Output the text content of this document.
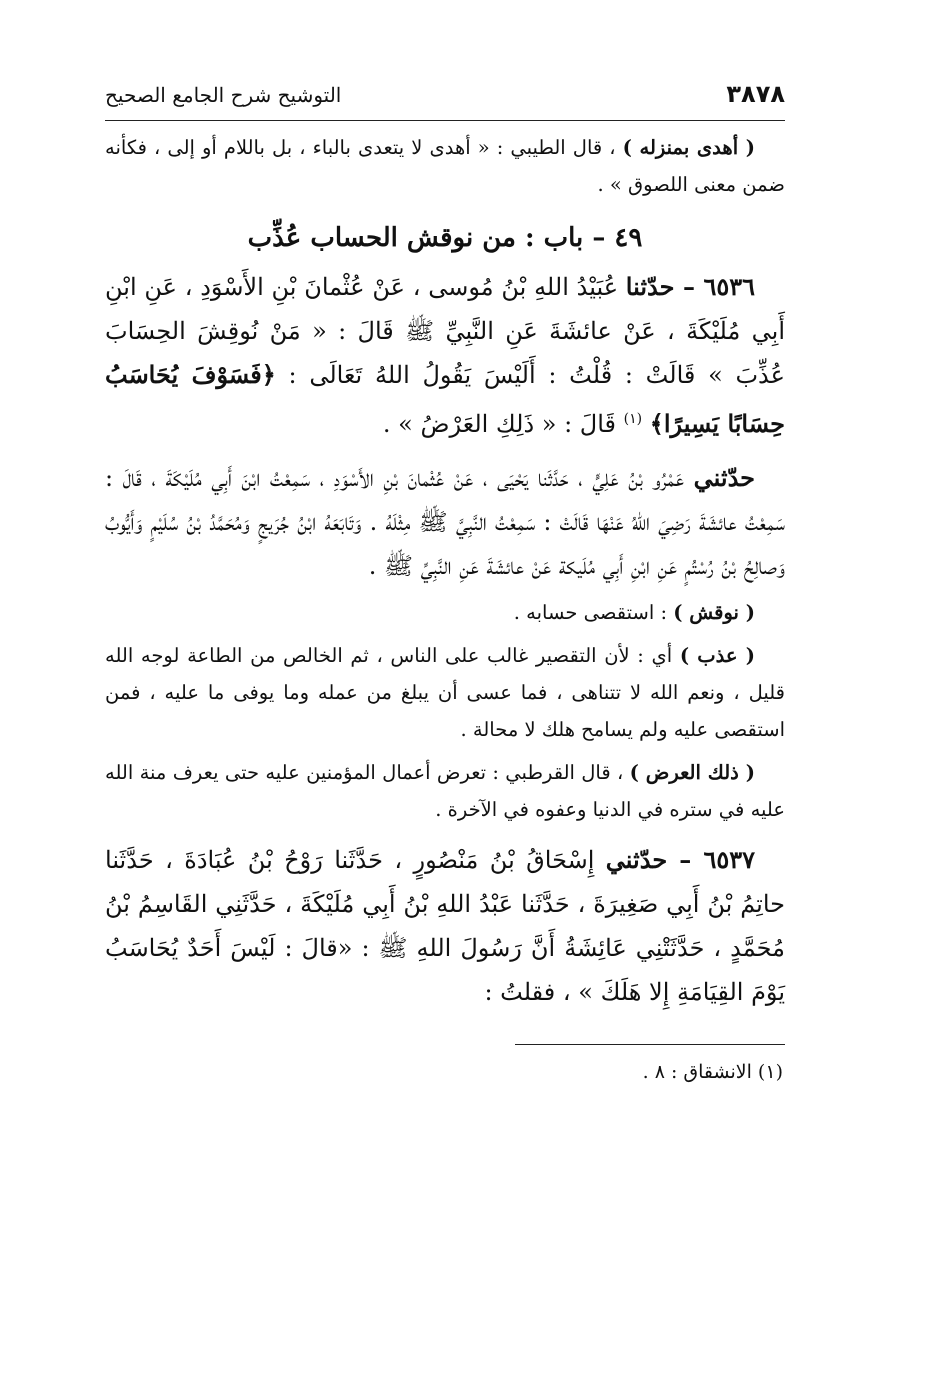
٣٨٧٨
التوشيح شرح الجامع الصحيح

( أهدى بمنزله ) ، قال الطيبي : « أهدى لا يتعدى بالباء ، بل باللام أو إلى ، فكأنه ضمن معنى اللصوق » .

٤٩ – باب : من نوقش الحساب عُذِّب

٦٥٣٦ – حدّثنا عُبَيْدُ اللهِ بْنُ مُوسى ، عَنْ عُثْمانَ بْنِ الأَسْوَدِ ، عَنِ ابْنِ أَبِي مُلَيْكَةَ ، عَنْ عائشَةَ عَنِ النَّبِيِّ ﷺ قَالَ : « مَنْ نُوقِشَ الحِسَابَ عُذِّبَ » قَالَتْ : قُلْتُ : أَلَيْسَ يَقُولُ اللهُ تَعَالَى : ﴿فَسَوْفَ يُحَاسَبُ حِسَابًا يَسِيرًا﴾ $^{(١)}$ قَالَ : « ذَلِكِ العَرْضُ » .

حدّثني عَمْرُو بْنُ عَلِيٍّ ، حَدَّثَنا يَحْيَى ، عَنْ عُثْمانَ بْنِ الأَسْوَدِ ، سَمِعْتُ ابْنَ أَبِي مُلَيْكَةَ ، قَالَ : سَمِعْتُ عائشَةَ رَضِيَ اللهُ عَنْهَا قَالَتْ : سَمِعْتُ النَّبِيَّ ﷺ مِثْلَهُ . وَتَابَعَهُ ابْنُ جُرَيجٍ وَمُحَمَّدُ بْنُ سُلَيْمٍ وَأَيُّوبُ وَصالِحُ بْنُ رُسْتُمٍ عَنِ ابْنِ أَبِي مُلَيكة عَنْ عائشَةَ عَنِ النَّبِيِّ ﷺ .

( نوقش ) : استقصى حسابه .

( عذب ) أي : لأن التقصير غالب على الناس ، ثم الخالص من الطاعة لوجه الله قليل ، ونعم الله لا تتناهى ، فما عسى أن يبلغ من عمله وما يوفى ما عليه ، فمن استقصى عليه ولم يسامح هلك لا محالة .

( ذلك العرض ) ، قال القرطبي : تعرض أعمال المؤمنين عليه حتى يعرف منة الله عليه في ستره في الدنيا وعفوه في الآخرة .

٦٥٣٧ – حدّثني إِسْحَاقُ بْنُ مَنْصُورٍ ، حَدَّثَنا رَوْحُ بْنُ عُبَادَةَ ، حَدَّثَنا حاتِمُ بْنُ أَبِي صَغِيرَةَ ، حَدَّثَنا عَبْدُ اللهِ بْنُ أَبِي مُلَيْكَةَ ، حَدَّثَنِي القَاسِمُ بْنُ مُحَمَّدٍ ، حَدَّثَتْنِي عَائِشَةُ أَنَّ رَسُولَ اللهِ ﷺ : «قالَ : لَيْسَ أَحَدٌ يُحَاسَبُ يَوْمَ القِيَامَةِ إِلا هَلَكَ » ، فقلتُ :

(١) الانشقاق : ٨ .
